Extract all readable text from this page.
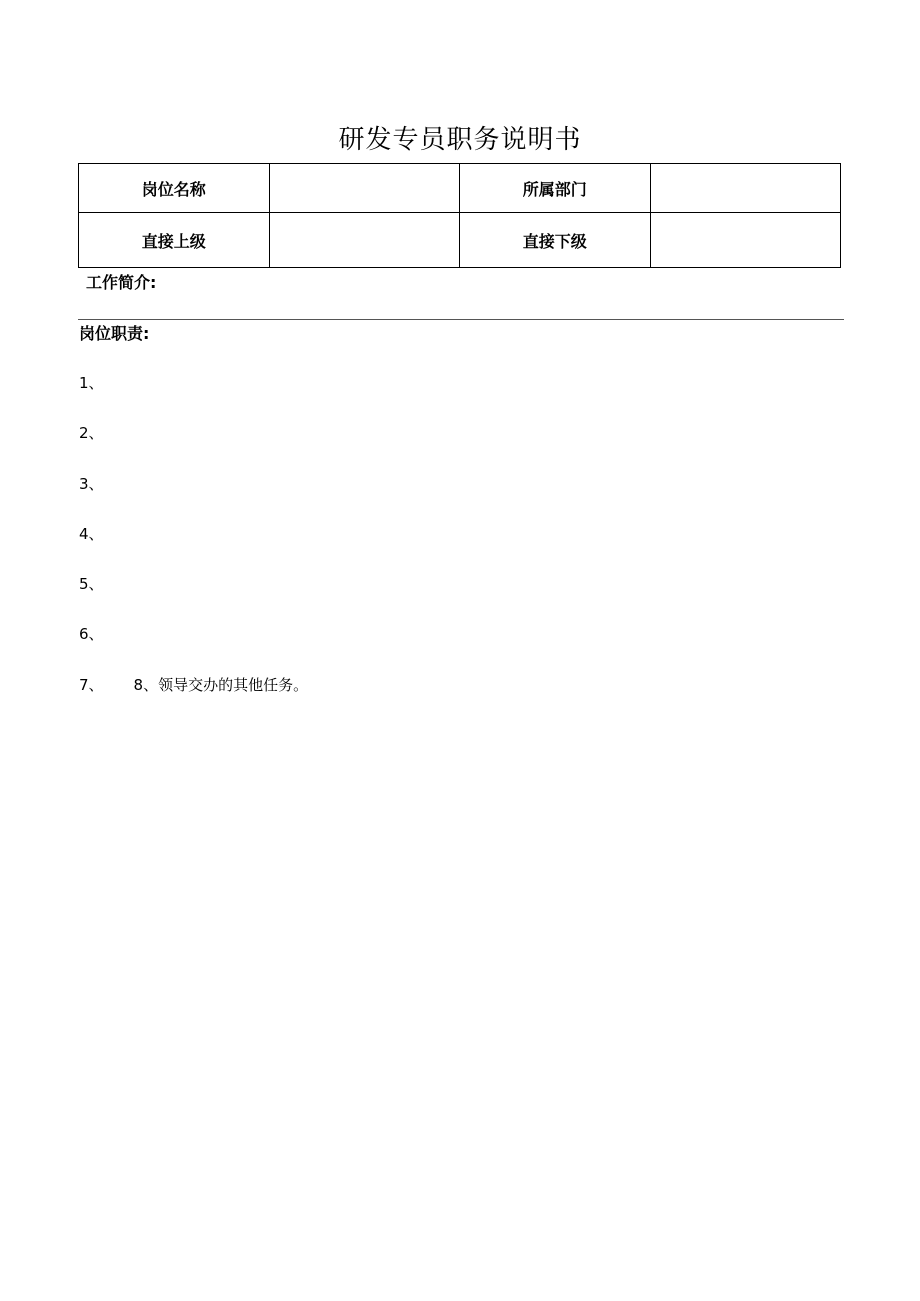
研发专员职务说明书
岗位名称		所属部门	
直接上级		直接下级	
工作简介:
岗位职责:
1、
2、
3、
4、
5、
6、
7、 8、领导交办的其他任务。
